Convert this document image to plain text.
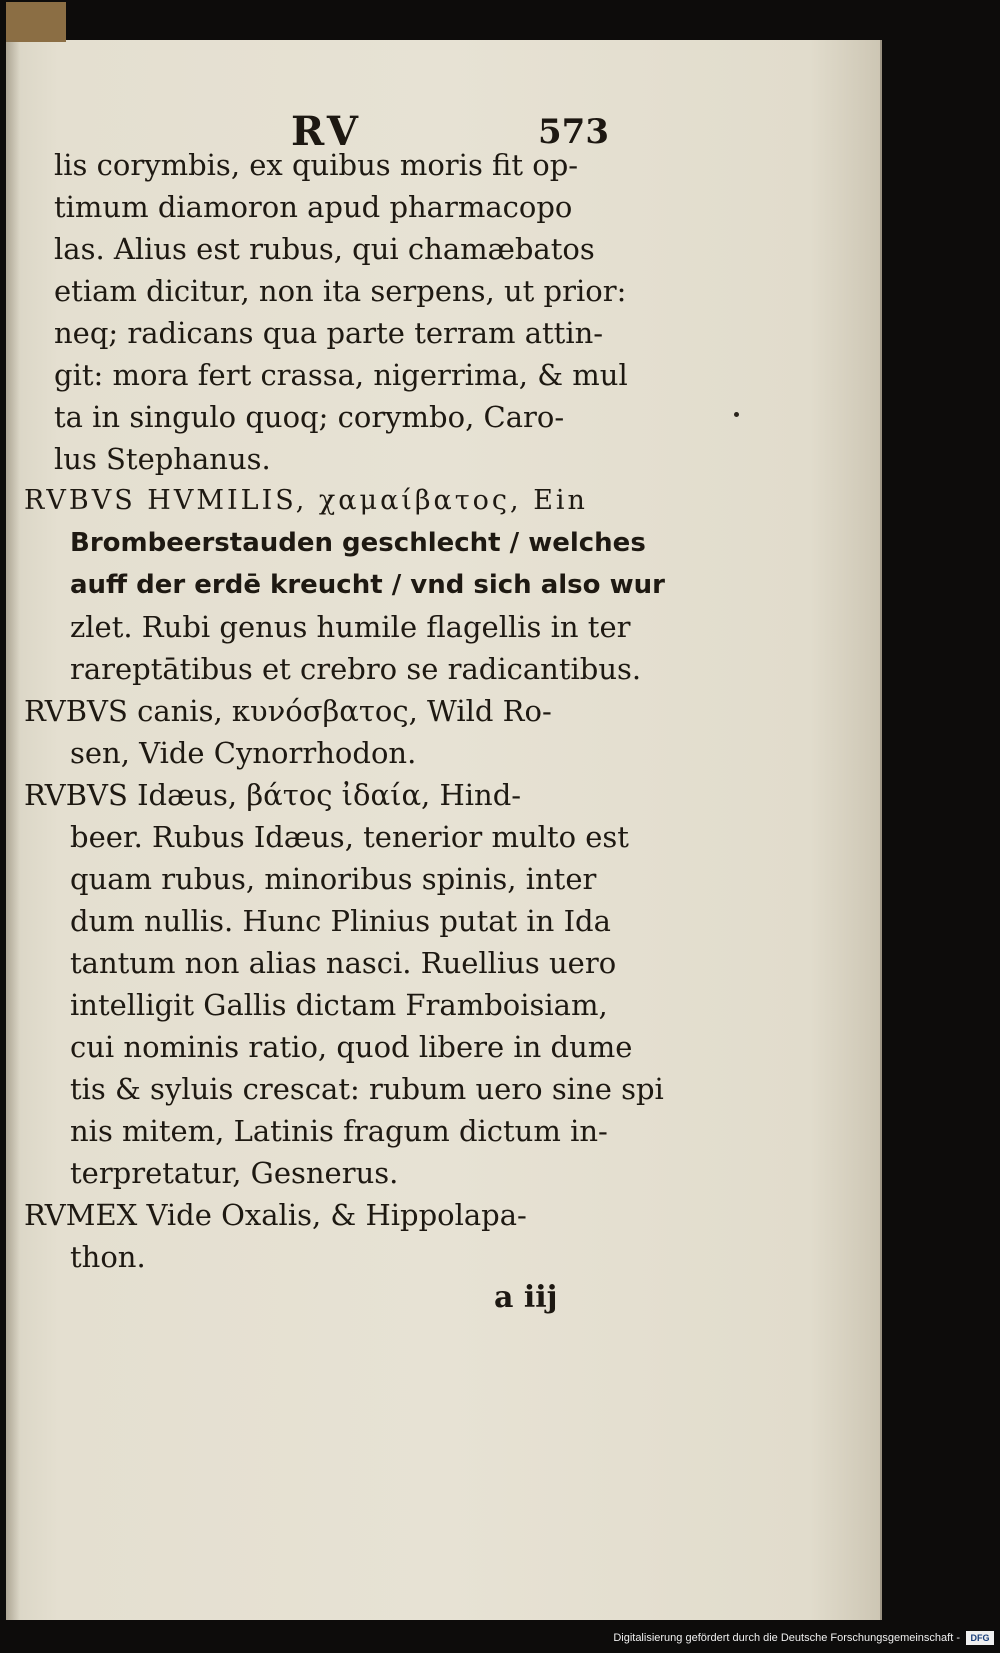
RV	573
lis corymbis, ex quibus moris fit op-
timum diamoron apud pharmacopo
las. Alius est rubus, qui chamæbatos
etiam dicitur, non ita serpens, ut prior:
neq; radicans qua parte terram attin-
git: mora fert crassa, nigerrima, & mul
ta in singulo quoq; corymbo, Caro-
lus Stephanus.
RVBVS HVMILIS, χαμαίβατος, Ein
Brombeerstauden geschlecht / welches
auff der erdē kreucht / vnd sich also wur
zlet. Rubi genus humile flagellis in ter
rareptātibus et crebro se radicantibus.
RVBVS canis, κυνόσβατος, Wild Ro-
sen, Vide Cynorrhodon.
RVBVS Idæus, βάτος ἰδαία, Hind-
beer. Rubus Idæus, tenerior multo est
quam rubus, minoribus spinis, inter
dum nullis. Hunc Plinius putat in Ida
tantum non alias nasci. Ruellius uero
intelligit Gallis dictam Framboisiam,
cui nominis ratio, quod libere in dume
tis & syluis crescat: rubum uero sine spi
nis mitem, Latinis fragum dictum in-
terpretatur, Gesnerus.
RVMEX Vide Oxalis, & Hippolapa-
thon.
a iij
Digitalisierung gefördert durch die Deutsche Forschungsgemeinschaft -	DFG
